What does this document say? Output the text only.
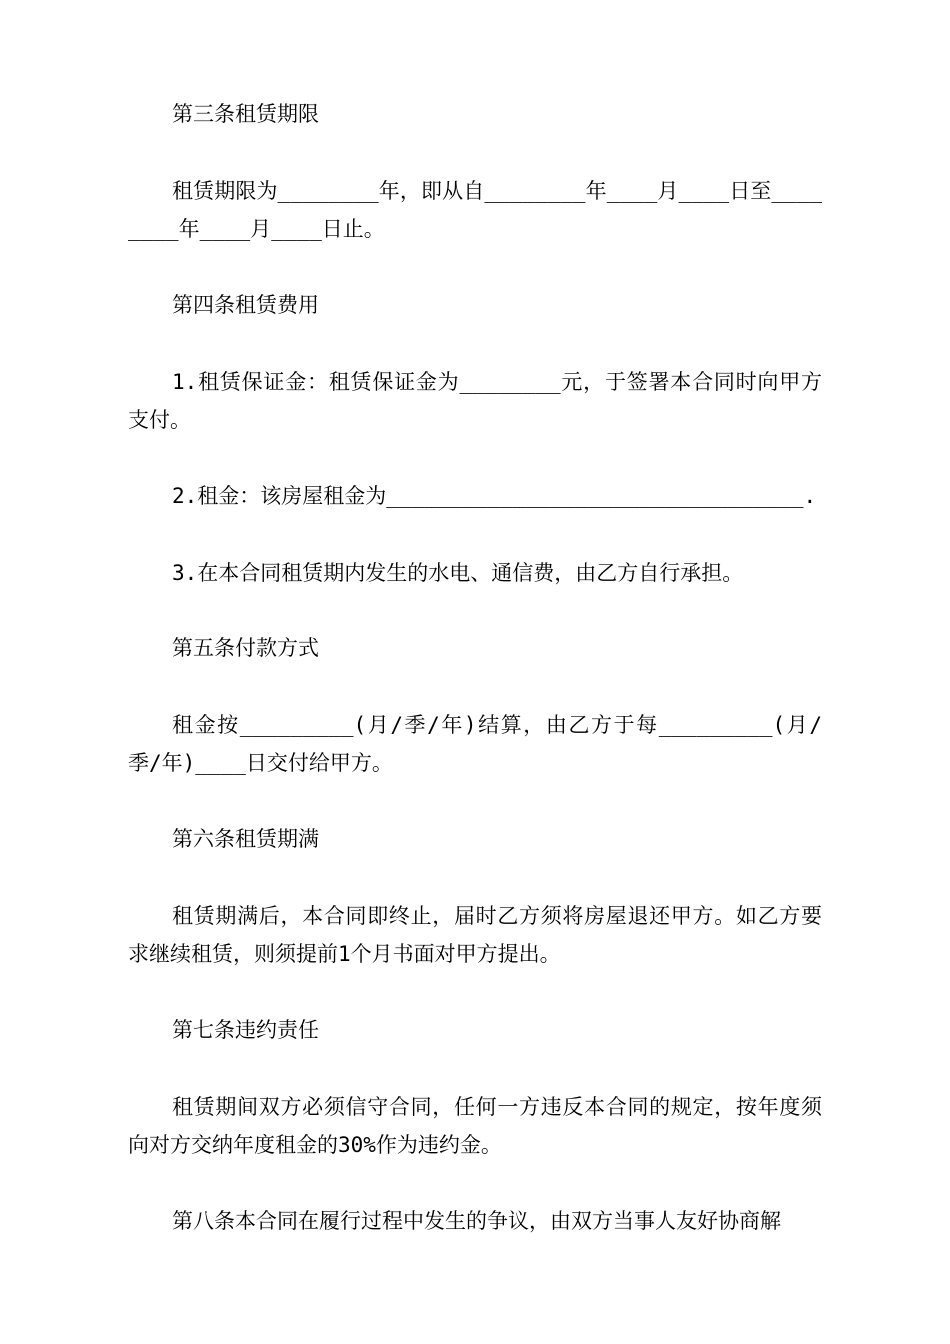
第三条租赁期限

租赁期限为________年，即从自________年____月____日至________年____月____日止。

第四条租赁费用

1.租赁保证金：租赁保证金为________元，于签署本合同时向甲方支付。

2.租金：该房屋租金为_________________________________.

3.在本合同租赁期内发生的水电、通信费，由乙方自行承担。

第五条付款方式

租金按_________(月/季/年)结算，由乙方于每_________(月/季/年)____日交付给甲方。

第六条租赁期满

租赁期满后，本合同即终止，届时乙方须将房屋退还甲方。如乙方要求继续租赁，则须提前1个月书面对甲方提出。

第七条违约责任

租赁期间双方必须信守合同，任何一方违反本合同的规定，按年度须向对方交纳年度租金的30%作为违约金。

第八条本合同在履行过程中发生的争议，由双方当事人友好协商解
